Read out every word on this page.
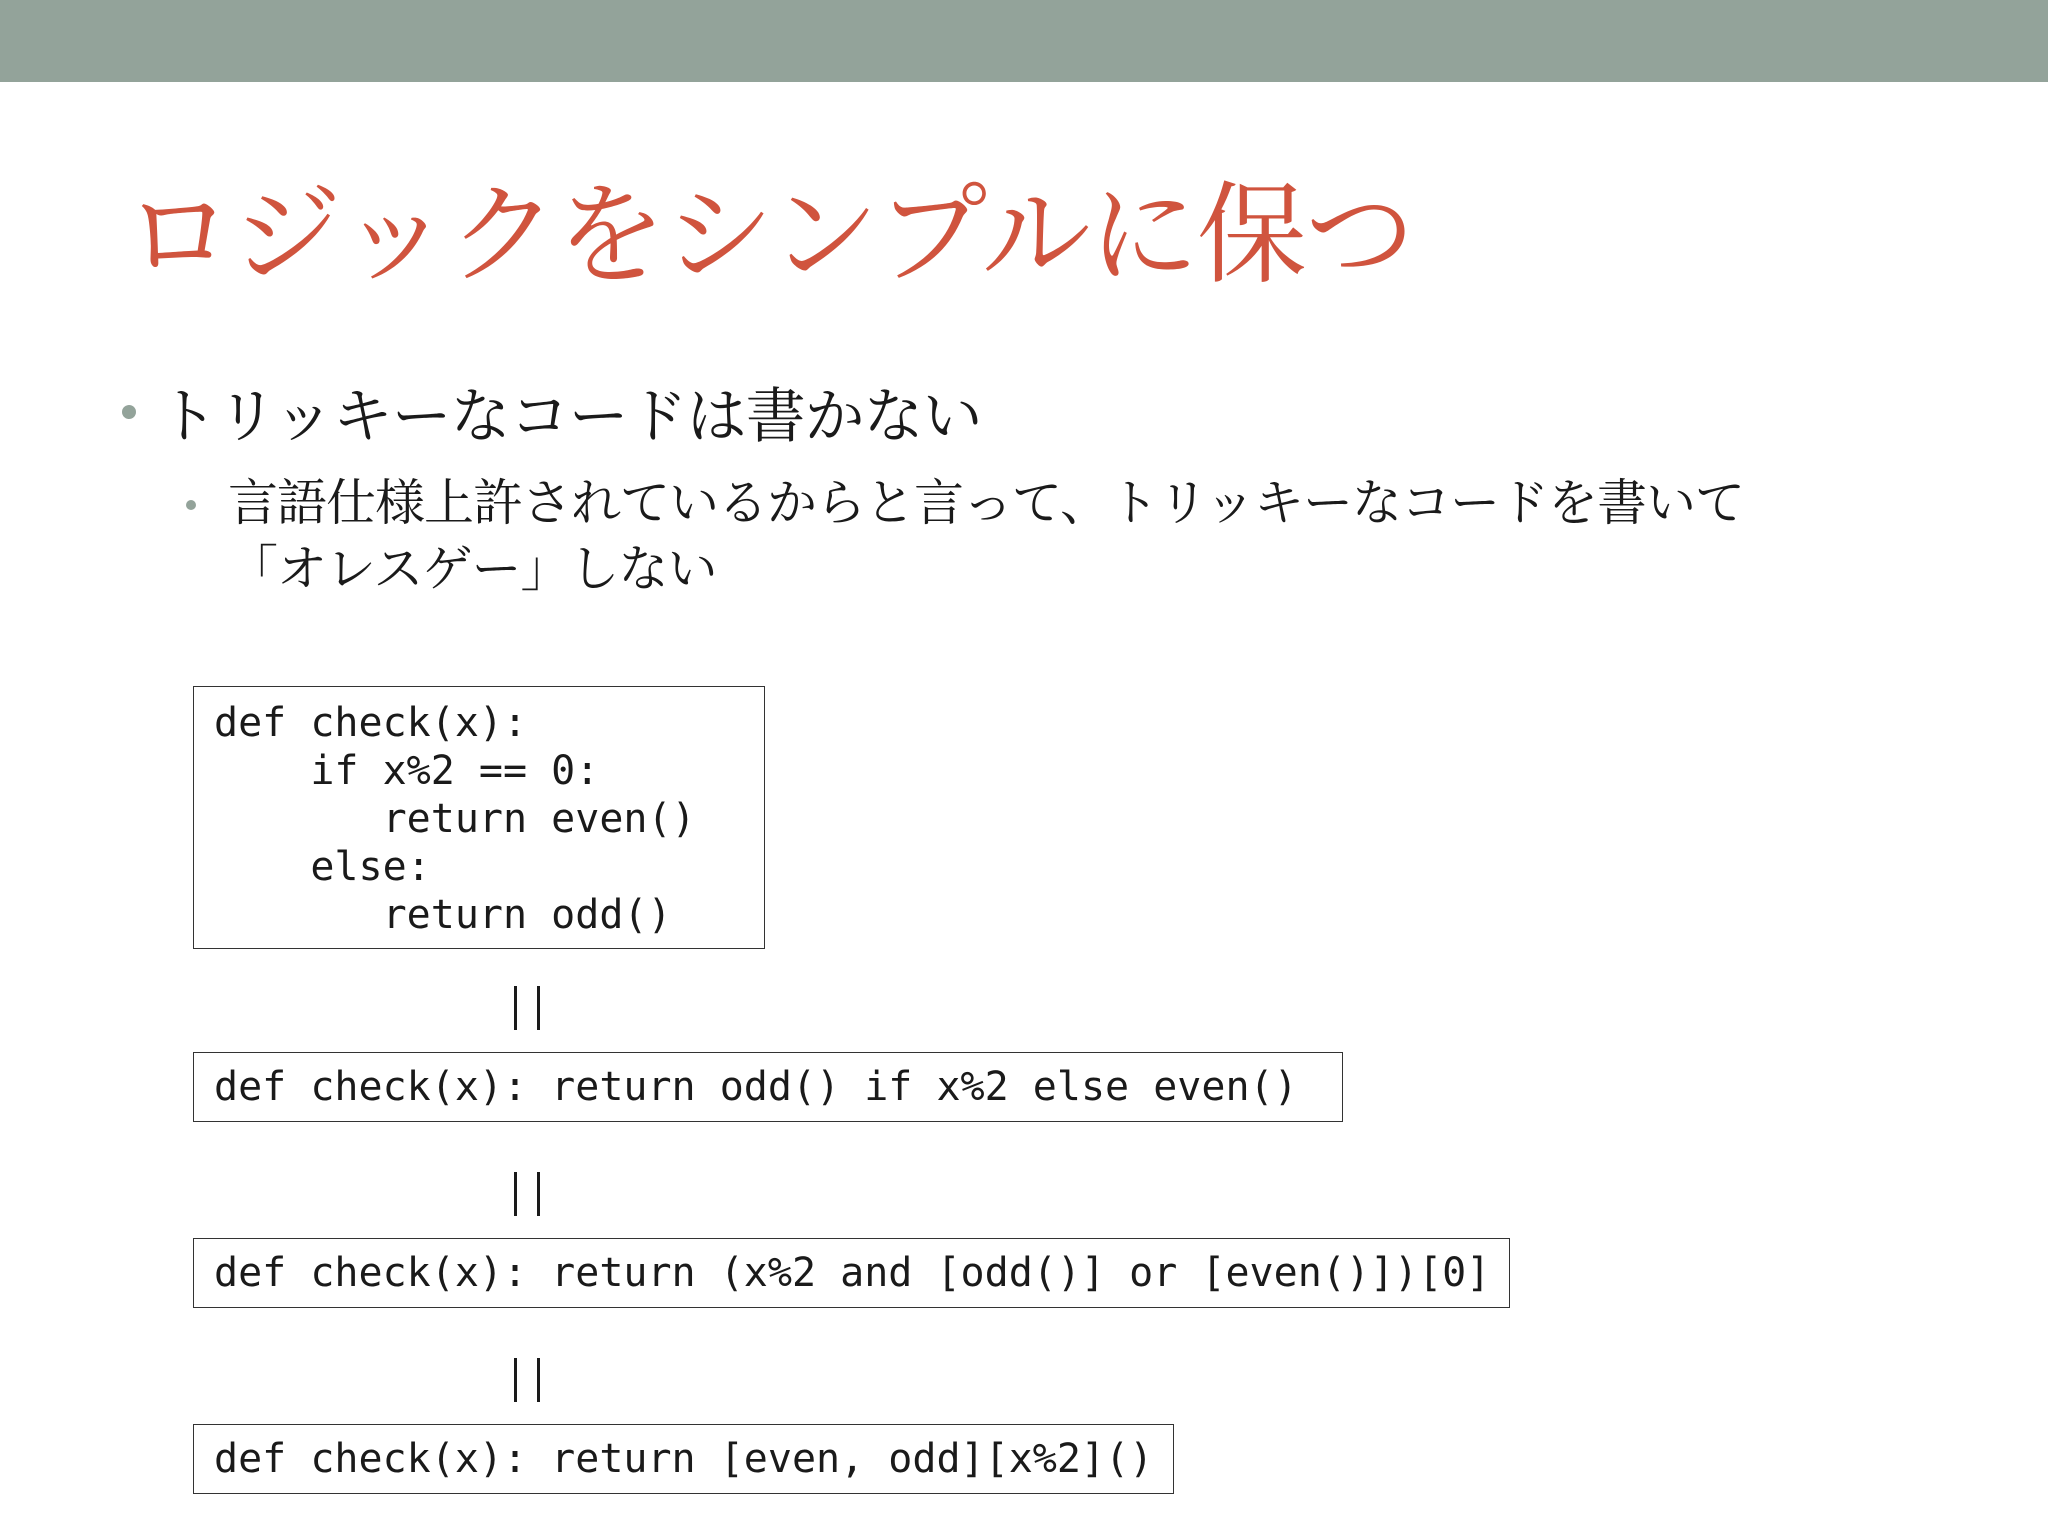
ロジックをシンプルに保つ
トリッキーなコードは書かない
言語仕様上許されているからと言って、トリッキーなコードを書いて「オレスゲー」しない
def check(x):
if x%2 == 0:
return even()
else:
return odd()
def check(x): return odd() if x%2 else even()
def check(x): return (x%2 and [odd()] or [even()])[0]
def check(x): return [even, odd][x%2]()
